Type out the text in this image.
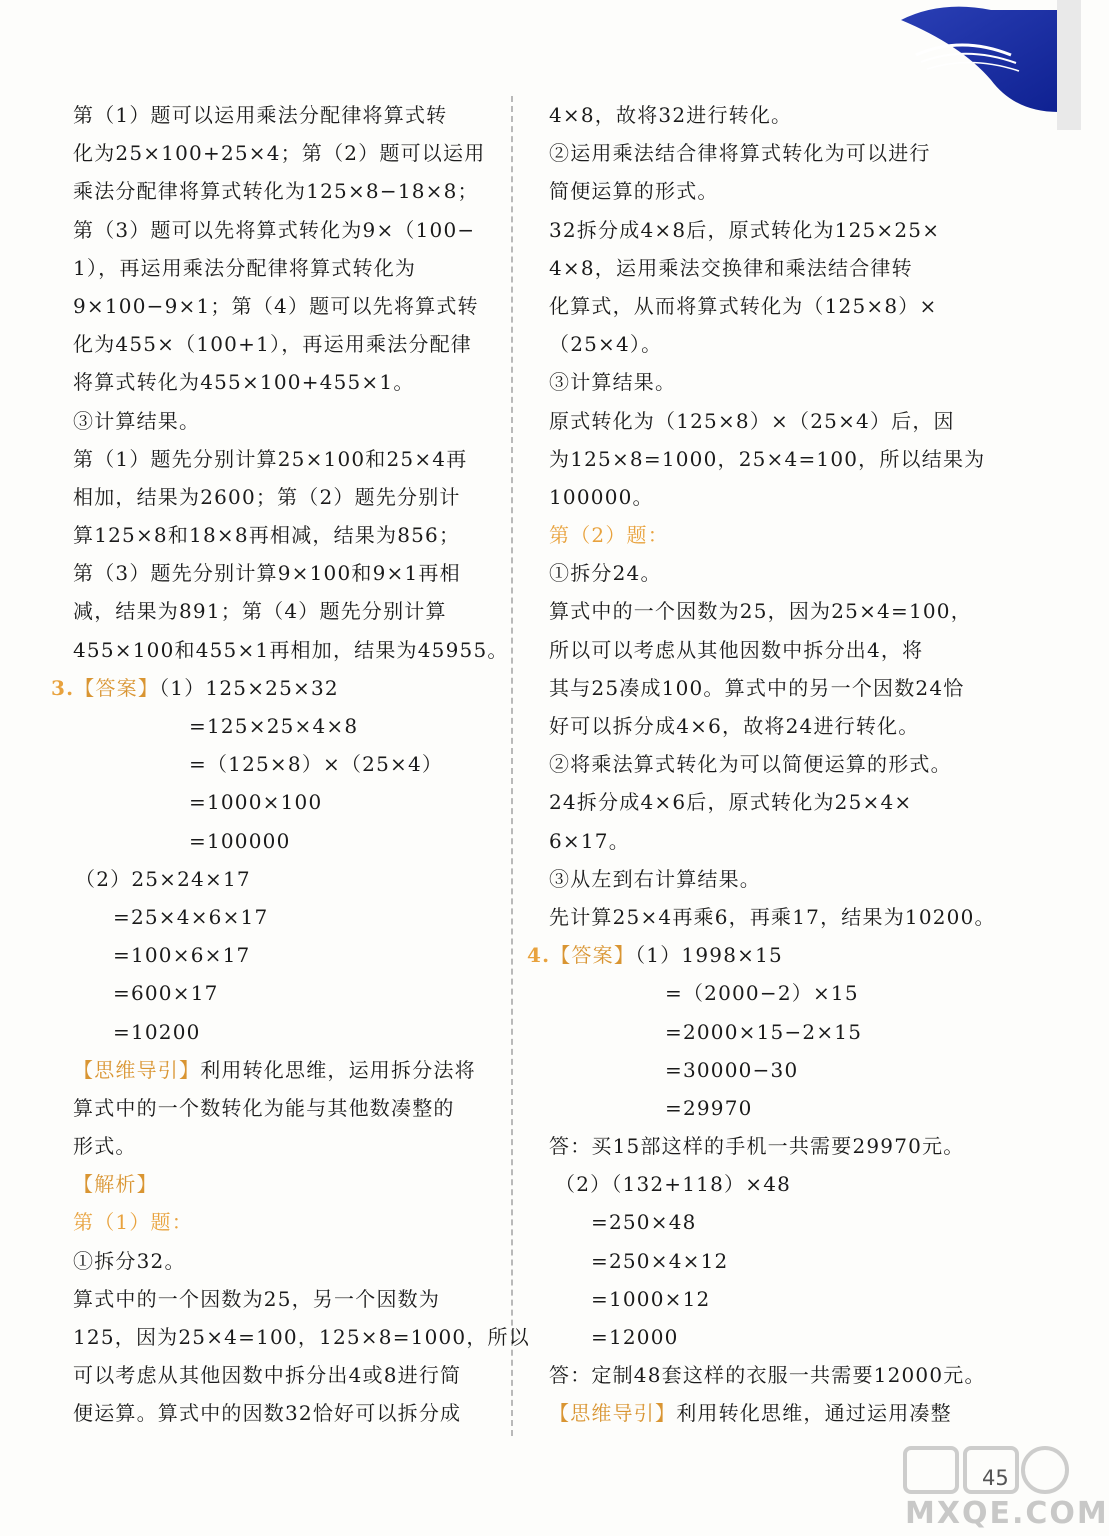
第（1）题可以运用乘法分配律将算式转
化为25×100+25×4；第（2）题可以运用
乘法分配律将算式转化为125×8−18×8；
第（3）题可以先将算式转化为9×（100−
1），再运用乘法分配律将算式转化为
9×100−9×1；第（4）题可以先将算式转
化为455×（100+1），再运用乘法分配律
将算式转化为455×100+455×1。
③计算结果。
第（1）题先分别计算25×100和25×4再
相加，结果为2600；第（2）题先分别计
算125×8和18×8再相减，结果为856；
第（3）题先分别计算9×100和9×1再相
减，结果为891；第（4）题先分别计算
455×100和455×1再相加，结果为45955。
3.【答案】（1）125×25×32
=125×25×4×8
=（125×8）×（25×4）
=1000×100
=100000
（2）25×24×17
=25×4×6×17
=100×6×17
=600×17
=10200
【思维导引】利用转化思维，运用拆分法将
算式中的一个数转化为能与其他数凑整的
形式。
【解析】
第（1）题：
①拆分32。
算式中的一个因数为25，另一个因数为
125，因为25×4=100，125×8=1000，所以
可以考虑从其他因数中拆分出4或8进行简
便运算。算式中的因数32恰好可以拆分成
4×8，故将32进行转化。
②运用乘法结合律将算式转化为可以进行
简便运算的形式。
32拆分成4×8后，原式转化为125×25×
4×8，运用乘法交换律和乘法结合律转
化算式，从而将算式转化为（125×8）×
（25×4）。
③计算结果。
原式转化为（125×8）×（25×4）后，因
为125×8=1000，25×4=100，所以结果为
100000。
第（2）题：
①拆分24。
算式中的一个因数为25，因为25×4=100，
所以可以考虑从其他因数中拆分出4，将
其与25凑成100。算式中的另一个因数24恰
好可以拆分成4×6，故将24进行转化。
②将乘法算式转化为可以简便运算的形式。
24拆分成4×6后，原式转化为25×4×
6×17。
③从左到右计算结果。
先计算25×4再乘6，再乘17，结果为10200。
4.【答案】（1）1998×15
=（2000−2）×15
=2000×15−2×15
=30000−30
=29970
答：买15部这样的手机一共需要29970元。
（2）（132+118）×48
=250×48
=250×4×12
=1000×12
=12000
答：定制48套这样的衣服一共需要12000元。
【思维导引】利用转化思维，通过运用凑整
MXQE.COM
45
